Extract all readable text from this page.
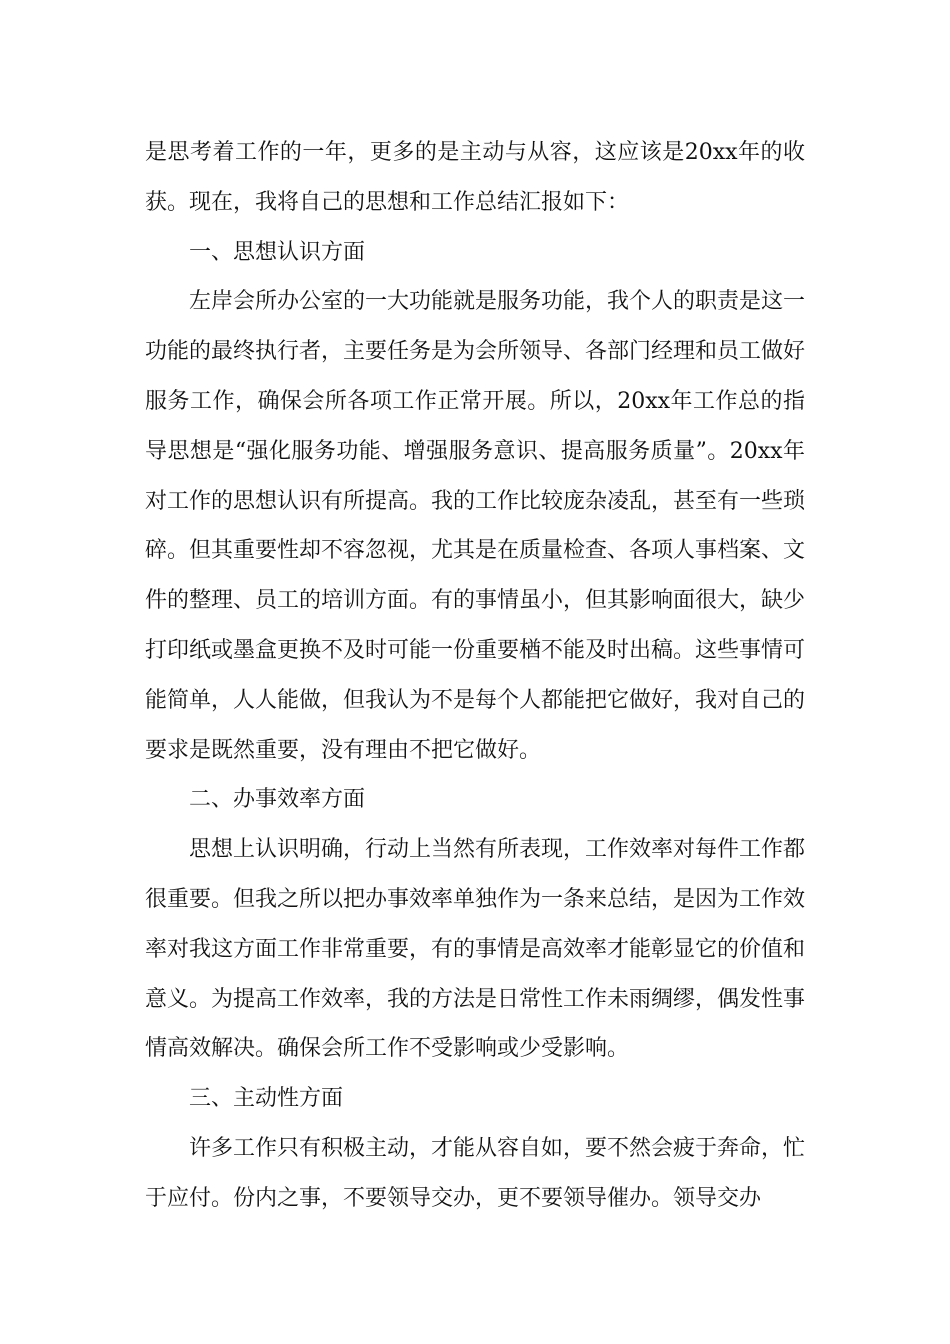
是思考着工作的一年，更多的是主动与从容，这应该是20xx年的收获。现在，我将自己的思想和工作总结汇报如下：

一、思想认识方面

左岸会所办公室的一大功能就是服务功能，我个人的职责是这一功能的最终执行者，主要任务是为会所领导、各部门经理和员工做好服务工作，确保会所各项工作正常开展。所以，20xx年工作总的指导思想是“强化服务功能、增强服务意识、提高服务质量”。20xx年对工作的思想认识有所提高。我的工作比较庞杂凌乱，甚至有一些琐碎。但其重要性却不容忽视，尤其是在质量检查、各项人事档案、文件的整理、员工的培训方面。有的事情虽小，但其影响面很大，缺少打印纸或墨盒更换不及时可能一份重要楢不能及时出稿。这些事情可能简单，人人能做，但我认为不是每个人都能把它做好，我对自己的要求是既然重要，没有理由不把它做好。

二、办事效率方面

思想上认识明确，行动上当然有所表现，工作效率对每件工作都很重要。但我之所以把办事效率单独作为一条来总结，是因为工作效率对我这方面工作非常重要，有的事情是高效率才能彰显它的价值和意义。为提高工作效率，我的方法是日常性工作未雨绸缪，偶发性事情高效解决。确保会所工作不受影响或少受影响。

三、主动性方面

许多工作只有积极主动，才能从容自如，要不然会疲于奔命，忙于应付。份内之事，不要领导交办，更不要领导催办。领导交办
